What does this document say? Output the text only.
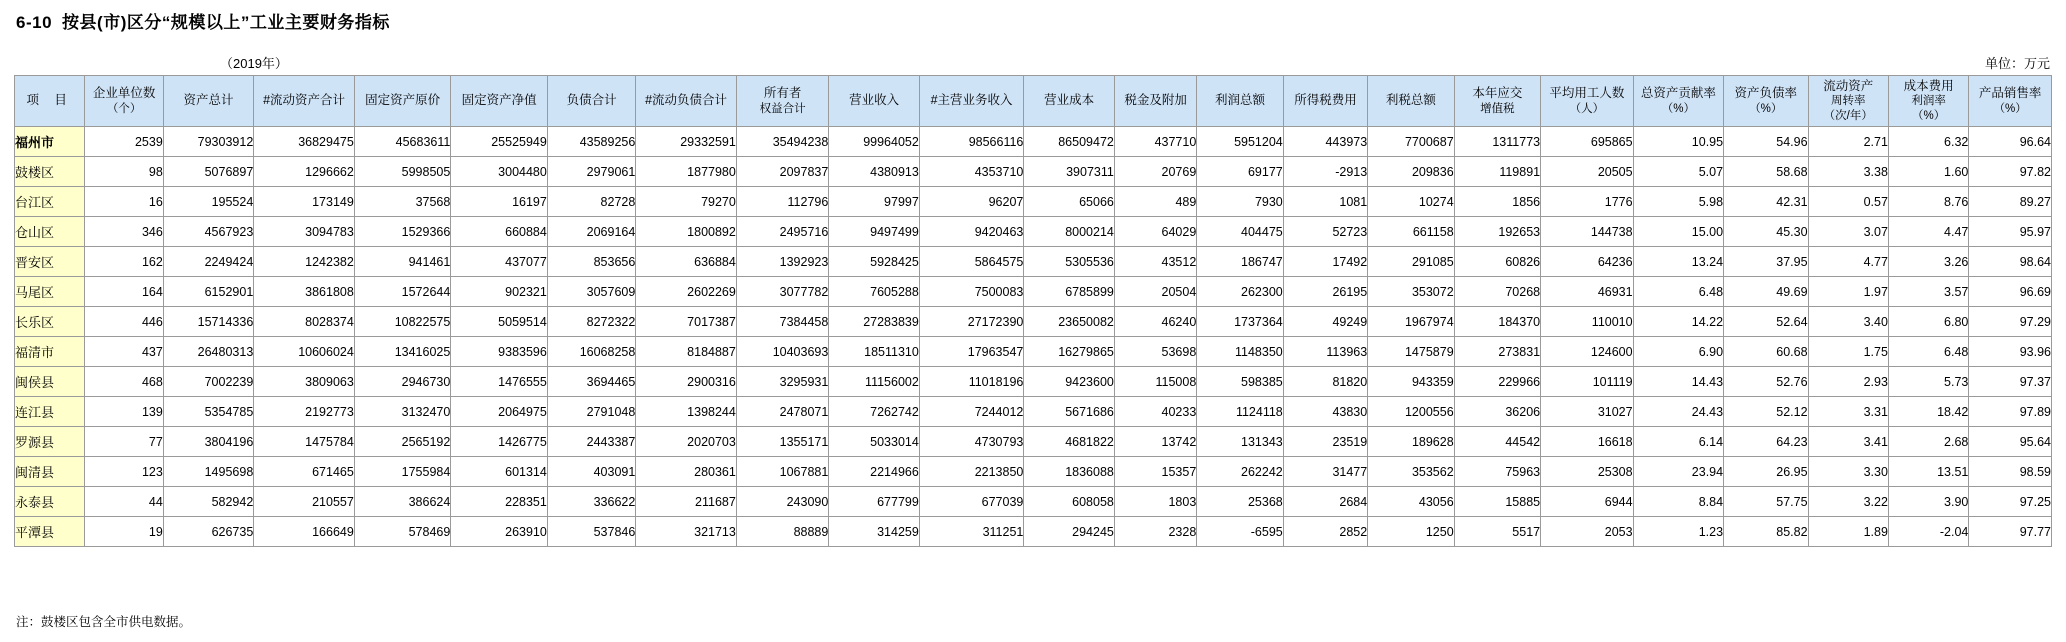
6-10 按县(市)区分“规模以上”工业主要财务指标
（2019年）	单位：万元
项 目	企业单位数
（个）	资产总计	#流动资产合计	固定资产原价	固定资产净值	负债合计	#流动负债合计	所有者
权益合计	营业收入	#主营业务收入	营业成本	税金及附加	利润总额	所得税费用	利税总额	本年应交
增值税	平均用工人数
（人）	总资产贡献率
（%）	资产负债率
（%）	流动资产
周转率
（次/年）	成本费用
利润率
（%）	产品销售率
（%）

福州市	2539	79303912	36829475	45683611	25525949	43589256	29332591	35494238	99964052	98566116	86509472	437710	5951204	443973	7700687	1311773	695865	10.95	54.96	2.71	6.32	96.64
鼓楼区	98	5076897	1296662	5998505	3004480	2979061	1877980	2097837	4380913	4353710	3907311	20769	69177	-2913	209836	119891	20505	5.07	58.68	3.38	1.60	97.82
台江区	16	195524	173149	37568	16197	82728	79270	112796	97997	96207	65066	489	7930	1081	10274	1856	1776	5.98	42.31	0.57	8.76	89.27
仓山区	346	4567923	3094783	1529366	660884	2069164	1800892	2495716	9497499	9420463	8000214	64029	404475	52723	661158	192653	144738	15.00	45.30	3.07	4.47	95.97
晋安区	162	2249424	1242382	941461	437077	853656	636884	1392923	5928425	5864575	5305536	43512	186747	17492	291085	60826	64236	13.24	37.95	4.77	3.26	98.64
马尾区	164	6152901	3861808	1572644	902321	3057609	2602269	3077782	7605288	7500083	6785899	20504	262300	26195	353072	70268	46931	6.48	49.69	1.97	3.57	96.69
长乐区	446	15714336	8028374	10822575	5059514	8272322	7017387	7384458	27283839	27172390	23650082	46240	1737364	49249	1967974	184370	110010	14.22	52.64	3.40	6.80	97.29
福清市	437	26480313	10606024	13416025	9383596	16068258	8184887	10403693	18511310	17963547	16279865	53698	1148350	113963	1475879	273831	124600	6.90	60.68	1.75	6.48	93.96
闽侯县	468	7002239	3809063	2946730	1476555	3694465	2900316	3295931	11156002	11018196	9423600	115008	598385	81820	943359	229966	101119	14.43	52.76	2.93	5.73	97.37
连江县	139	5354785	2192773	3132470	2064975	2791048	1398244	2478071	7262742	7244012	5671686	40233	1124118	43830	1200556	36206	31027	24.43	52.12	3.31	18.42	97.89
罗源县	77	3804196	1475784	2565192	1426775	2443387	2020703	1355171	5033014	4730793	4681822	13742	131343	23519	189628	44542	16618	6.14	64.23	3.41	2.68	95.64
闽清县	123	1495698	671465	1755984	601314	403091	280361	1067881	2214966	2213850	1836088	15357	262242	31477	353562	75963	25308	23.94	26.95	3.30	13.51	98.59
永泰县	44	582942	210557	386624	228351	336622	211687	243090	677799	677039	608058	1803	25368	2684	43056	15885	6944	8.84	57.75	3.22	3.90	97.25
平潭县	19	626735	166649	578469	263910	537846	321713	88889	314259	311251	294245	2328	-6595	2852	1250	5517	2053	1.23	85.82	1.89	-2.04	97.77
注：鼓楼区包含全市供电数据。
